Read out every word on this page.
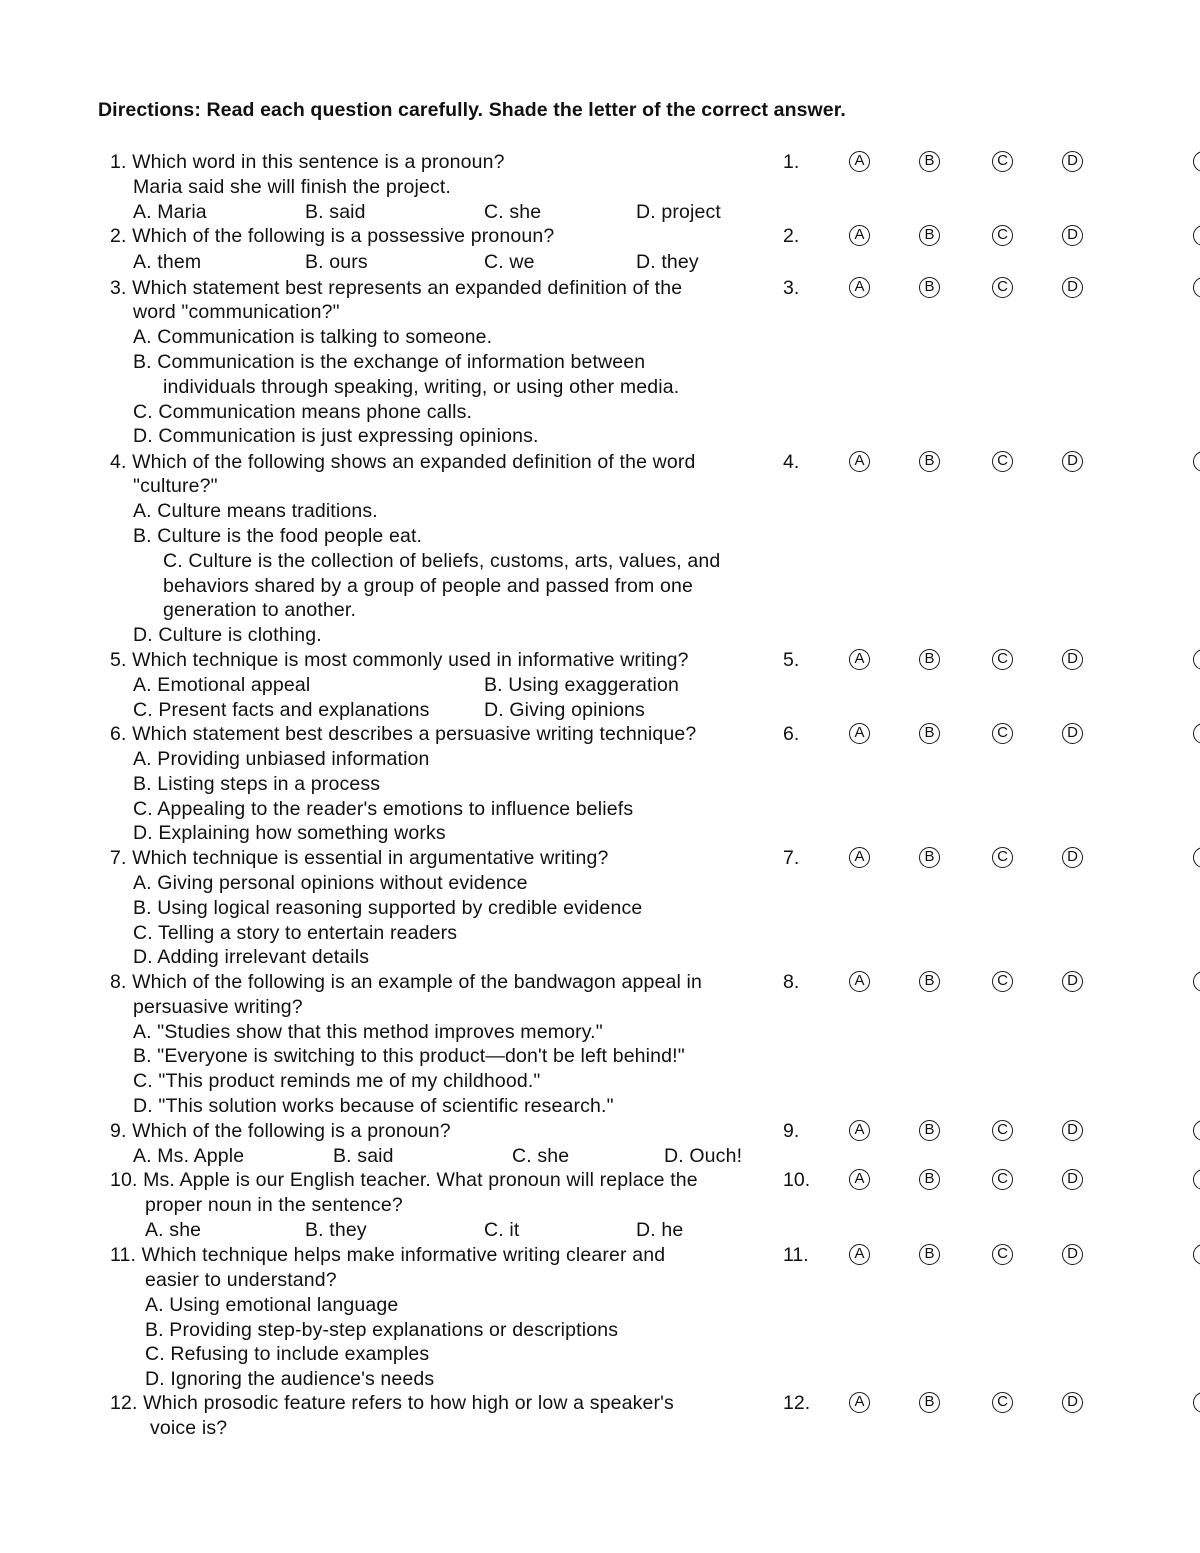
Directions: Read each question carefully. Shade the letter of the correct answer.
1. Which word in this sentence is a pronoun?
Maria said she will finish the project.
A. Maria	B. said	C. she	D. project
1.	A	B	C	D
2. Which of the following is a possessive pronoun?
A. them	B. ours	C. we	D. they
2.	A	B	C	D
3. Which statement best represents an expanded definition of the
word "communication?"
A. Communication is talking to someone.
B. Communication is the exchange of information between
individuals through speaking, writing, or using other media.
C. Communication means phone calls.
D. Communication is just expressing opinions.
3.	A	B	C	D
4. Which of the following shows an expanded definition of the word
"culture?"
A. Culture means traditions.
B. Culture is the food people eat.
C. Culture is the collection of beliefs, customs, arts, values, and
behaviors shared by a group of people and passed from one
generation to another.
D. Culture is clothing.
4.	A	B	C	D
5. Which technique is most commonly used in informative writing?
A. Emotional appeal	B. Using exaggeration
C. Present facts and explanations	D. Giving opinions
5.	A	B	C	D
6. Which statement best describes a persuasive writing technique?
A. Providing unbiased information
B. Listing steps in a process
C. Appealing to the reader's emotions to influence beliefs
D. Explaining how something works
6.	A	B	C	D
7. Which technique is essential in argumentative writing?
A. Giving personal opinions without evidence
B. Using logical reasoning supported by credible evidence
C. Telling a story to entertain readers
D. Adding irrelevant details
7.	A	B	C	D
8. Which of the following is an example of the bandwagon appeal in
persuasive writing?
A. "Studies show that this method improves memory."
B. "Everyone is switching to this product—don't be left behind!"
C. "This product reminds me of my childhood."
D. "This solution works because of scientific research."
8.	A	B	C	D
9. Which of the following is a pronoun?
A. Ms. Apple	B. said	C. she	D. Ouch!
9.	A	B	C	D
10. Ms. Apple is our English teacher. What pronoun will replace the
proper noun in the sentence?
A. she	B. they	C. it	D. he
10.	A	B	C	D
11. Which technique helps make informative writing clearer and
easier to understand?
A. Using emotional language
B. Providing step-by-step explanations or descriptions
C. Refusing to include examples
D. Ignoring the audience's needs
11.	A	B	C	D
12. Which prosodic feature refers to how high or low a speaker's
voice is?
12.	A	B	C	D
